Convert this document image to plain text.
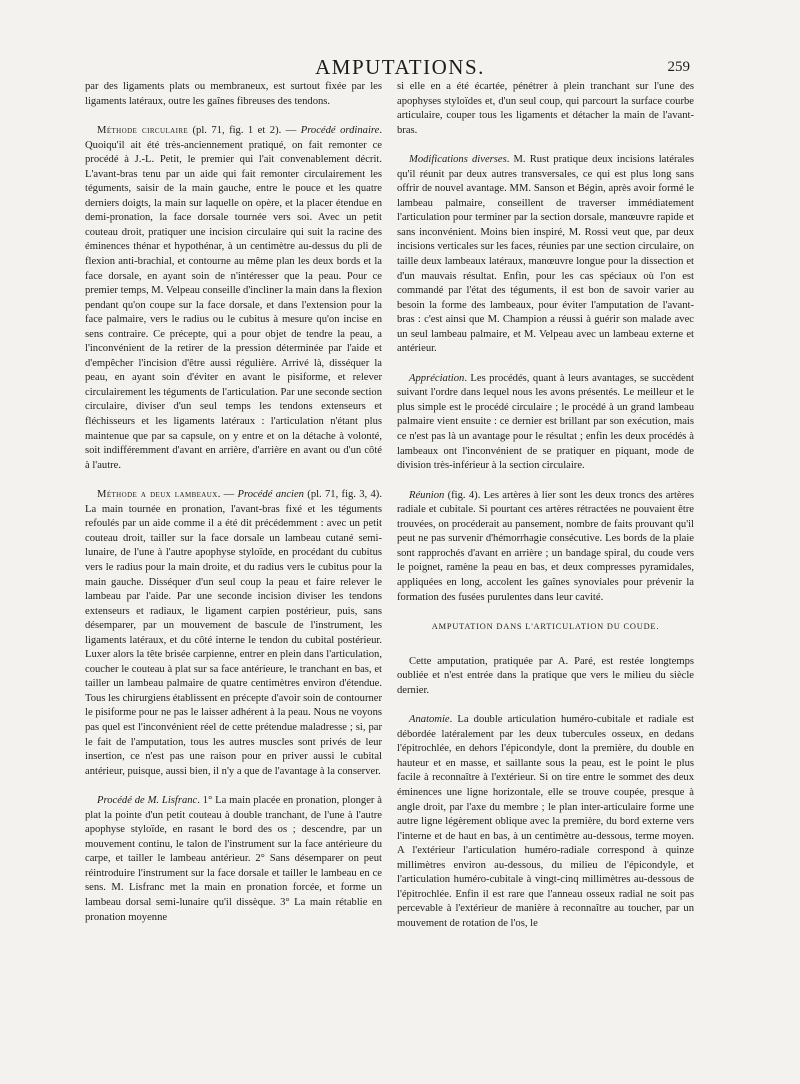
AMPUTATIONS.	259

par des ligaments plats ou membraneux, est surtout fixée par les ligaments latéraux, outre les gaînes fibreuses des tendons.

Méthode circulaire (pl. 71, fig. 1 et 2). — Procédé ordinaire. Quoiqu'il ait été très-anciennement pratiqué, on fait remonter ce procédé à J.-L. Petit, le premier qui l'ait convenablement décrit. L'avant-bras tenu par un aide qui fait remonter circulairement les téguments, saisir de la main gauche, entre le pouce et les quatre derniers doigts, la main sur laquelle on opère, et la placer étendue en demi-pronation, la face dorsale tournée vers soi. Avec un petit couteau droit, pratiquer une incision circulaire qui suit la racine des éminences thénar et hypothénar, à un centimètre au-dessus du pli de flexion anti-brachial, et contourne au même plan les deux bords et la face dorsale, en ayant soin de n'intéresser que la peau. Pour ce premier temps, M. Velpeau conseille d'incliner la main dans la flexion pendant qu'on coupe sur la face dorsale, et dans l'extension pour la face palmaire, vers le radius ou le cubitus à mesure qu'on incise en sens contraire. Ce précepte, qui a pour objet de tendre la peau, a l'inconvénient de la retirer de la pression déterminée par l'aide et d'empêcher l'incision d'être aussi régulière. Arrivé là, disséquer la peau, en ayant soin d'éviter en avant le pisiforme, et relever circulairement les téguments de l'articulation. Par une seconde section circulaire, diviser d'un seul temps les tendons extenseurs et fléchisseurs et les ligaments latéraux : l'articulation n'étant plus maintenue que par sa capsule, on y entre et on la détache à volonté, soit indifféremment d'avant en arrière, d'arrière en avant ou d'un côté à l'autre.

Méthode a deux lambeaux. — Procédé ancien (pl. 71, fig. 3, 4). La main tournée en pronation, l'avant-bras fixé et les téguments refoulés par un aide comme il a été dit précédemment : avec un petit couteau droit, tailler sur la face dorsale un lambeau cutané semi-lunaire, de l'une à l'autre apophyse styloïde, en procédant du cubitus vers le radius pour la main droite, et du radius vers le cubitus pour la main gauche. Disséquer d'un seul coup la peau et faire relever le lambeau par l'aide. Par une seconde incision diviser les tendons extenseurs et radiaux, le ligament carpien postérieur, puis, sans désemparer, par un mouvement de bascule de l'instrument, les ligaments latéraux, et du côté interne le tendon du cubital postérieur. Luxer alors la tête brisée carpienne, entrer en plein dans l'articulation, coucher le couteau à plat sur sa face antérieure, le tranchant en bas, et tailler un lambeau palmaire de quatre centimètres environ d'étendue. Tous les chirurgiens établissent en précepte d'avoir soin de contourner le pisiforme pour ne pas le laisser adhérent à la peau. Nous ne voyons pas quel est l'inconvénient réel de cette prétendue maladresse ; si, par le fait de l'amputation, tous les autres muscles sont privés de leur insertion, ce n'est pas une raison pour en priver aussi le cubital antérieur, puisque, aussi bien, il n'y a que de l'avantage à la conserver.

Procédé de M. Lisfranc. 1° La main placée en pronation, plonger à plat la pointe d'un petit couteau à double tranchant, de l'une à l'autre apophyse styloïde, en rasant le bord des os ; descendre, par un mouvement continu, le talon de l'instrument sur la face antérieure du carpe, et tailler le lambeau antérieur. 2° Sans désemparer on peut réintroduire l'instrument sur la face dorsale et tailler le lambeau en ce sens. M. Lisfranc met la main en pronation forcée, et forme un lambeau dorsal semi-lunaire qu'il dissèque. 3° La main rétablie en pronation moyenne

si elle en a été écartée, pénétrer à plein tranchant sur l'une des apophyses styloïdes et, d'un seul coup, qui parcourt la surface courbe articulaire, couper tous les ligaments et détacher la main de l'avant-bras.

Modifications diverses. M. Rust pratique deux incisions latérales qu'il réunit par deux autres transversales, ce qui est plus long sans offrir de nouvel avantage. MM. Sanson et Bégin, après avoir formé le lambeau palmaire, conseillent de traverser immédiatement l'articulation pour terminer par la section dorsale, manœuvre rapide et sans inconvénient. Moins bien inspiré, M. Rossi veut que, par deux incisions verticales sur les faces, réunies par une section circulaire, on taille deux lambeaux latéraux, manœuvre longue pour la dissection et d'un mauvais résultat. Enfin, pour les cas spéciaux où l'on est commandé par l'état des téguments, il est bon de savoir varier au besoin la forme des lambeaux, pour éviter l'amputation de l'avant-bras : c'est ainsi que M. Champion a réussi à guérir son malade avec un seul lambeau palmaire, et M. Velpeau avec un lambeau externe et antérieur.

Appréciation. Les procédés, quant à leurs avantages, se succèdent suivant l'ordre dans lequel nous les avons présentés. Le meilleur et le plus simple est le procédé circulaire ; le procédé à un grand lambeau palmaire vient ensuite : ce dernier est brillant par son exécution, mais ce n'est pas là un avantage pour le résultat ; enfin les deux procédés à lambeaux ont l'inconvénient de se pratiquer en piquant, mode de division très-inférieur à la section circulaire.

Réunion (fig. 4). Les artères à lier sont les deux troncs des artères radiale et cubitale. Si pourtant ces artères rétractées ne pouvaient être trouvées, on procéderait au pansement, nombre de faits prouvant qu'il peut ne pas survenir d'hémorrhagie consécutive. Les bords de la plaie sont rapprochés d'avant en arrière ; un bandage spiral, du coude vers le poignet, ramène la peau en bas, et deux compresses pyramidales, appliquées en long, accolent les gaînes synoviales pour prévenir la formation des fusées purulentes dans leur cavité.

AMPUTATION DANS L'ARTICULATION DU COUDE.

Cette amputation, pratiquée par A. Paré, est restée longtemps oubliée et n'est entrée dans la pratique que vers le milieu du siècle dernier.

Anatomie. La double articulation huméro-cubitale et radiale est débordée latéralement par les deux tubercules osseux, en dedans l'épitrochlée, en dehors l'épicondyle, dont la première, du double en hauteur et en masse, et saillante sous la peau, est le point le plus facile à reconnaître à l'extérieur. Si on tire entre le sommet des deux éminences une ligne horizontale, elle se trouve coupée, presque à angle droit, par l'axe du membre ; le plan inter-articulaire forme une autre ligne légèrement oblique avec la première, du bord externe vers l'interne et de haut en bas, à un centimètre au-dessous, terme moyen. A l'extérieur l'articulation huméro-radiale correspond à quinze millimètres environ au-dessous, du milieu de l'épicondyle, et l'articulation huméro-cubitale à vingt-cinq millimètres au-dessous de l'épitrochlée. Enfin il est rare que l'anneau osseux radial ne soit pas percevable à l'extérieur de manière à reconnaître au toucher, par un mouvement de rotation de l'os, le
